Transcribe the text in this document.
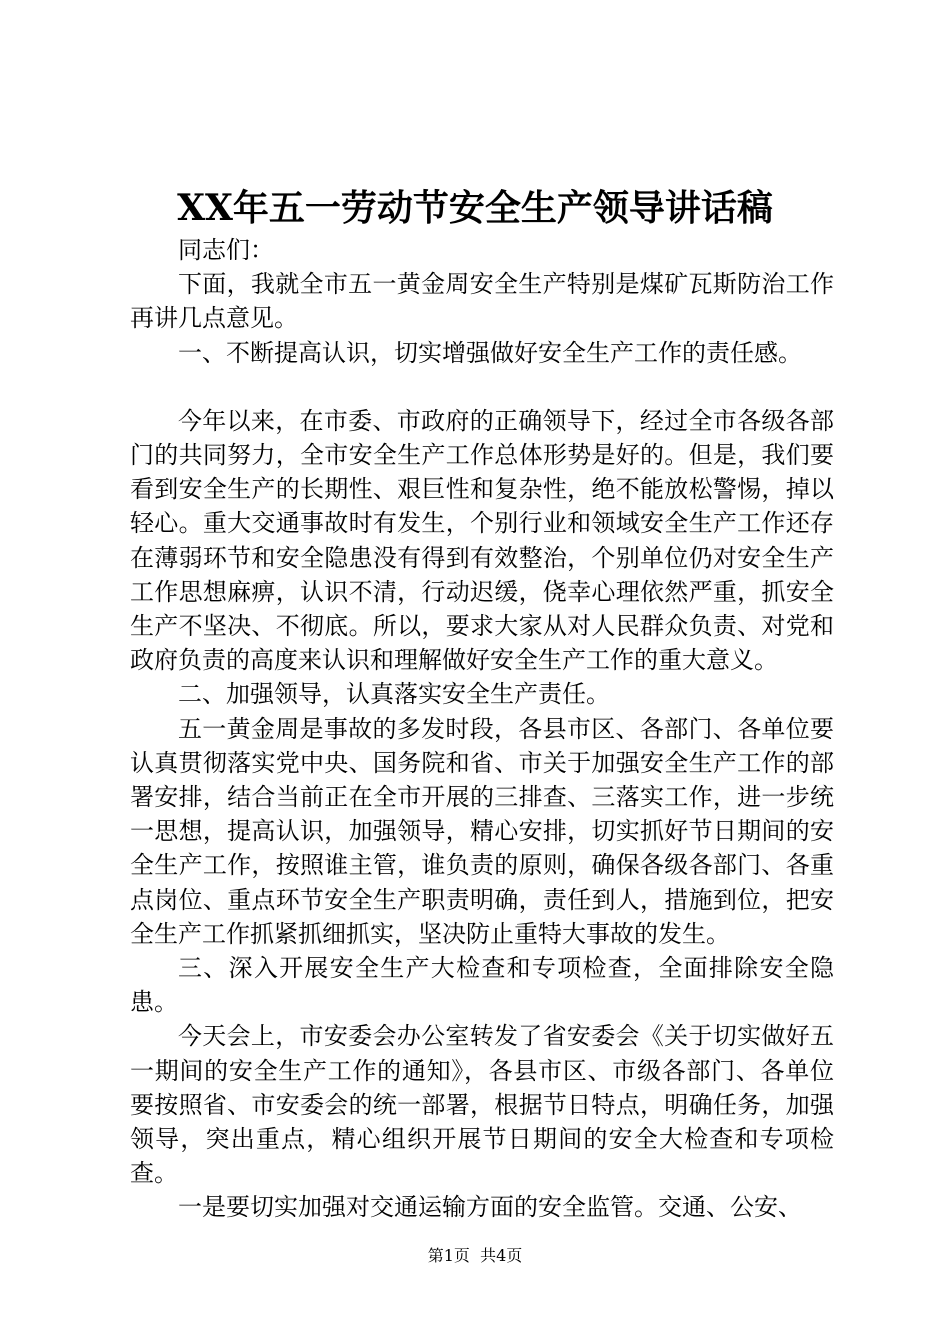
XX年五一劳动节安全生产领导讲话稿

同志们：

下面，我就全市五一黄金周安全生产特别是煤矿瓦斯防治工作再讲几点意见。

一、不断提高认识，切实增强做好安全生产工作的责任感。

今年以来，在市委、市政府的正确领导下，经过全市各级各部门的共同努力，全市安全生产工作总体形势是好的。但是，我们要看到安全生产的长期性、艰巨性和复杂性，绝不能放松警惕，掉以轻心。重大交通事故时有发生，个别行业和领域安全生产工作还存在薄弱环节和安全隐患没有得到有效整治，个别单位仍对安全生产工作思想麻痹，认识不清，行动迟缓，侥幸心理依然严重，抓安全生产不坚决、不彻底。所以，要求大家从对人民群众负责、对党和政府负责的高度来认识和理解做好安全生产工作的重大意义。

二、加强领导，认真落实安全生产责任。

五一黄金周是事故的多发时段，各县市区、各部门、各单位要认真贯彻落实党中央、国务院和省、市关于加强安全生产工作的部署安排，结合当前正在全市开展的三排查、三落实工作，进一步统一思想，提高认识，加强领导，精心安排，切实抓好节日期间的安全生产工作，按照谁主管，谁负责的原则，确保各级各部门、各重点岗位、重点环节安全生产职责明确，责任到人，措施到位，把安全生产工作抓紧抓细抓实，坚决防止重特大事故的发生。

三、深入开展安全生产大检查和专项检查，全面排除安全隐患。

今天会上，市安委会办公室转发了省安委会《关于切实做好五一期间的安全生产工作的通知》，各县市区、市级各部门、各单位要按照省、市安委会的统一部署，根据节日特点，明确任务，加强领导，突出重点，精心组织开展节日期间的安全大检查和专项检查。

一是要切实加强对交通运输方面的安全监管。交通、公安、

第1页 共4页
